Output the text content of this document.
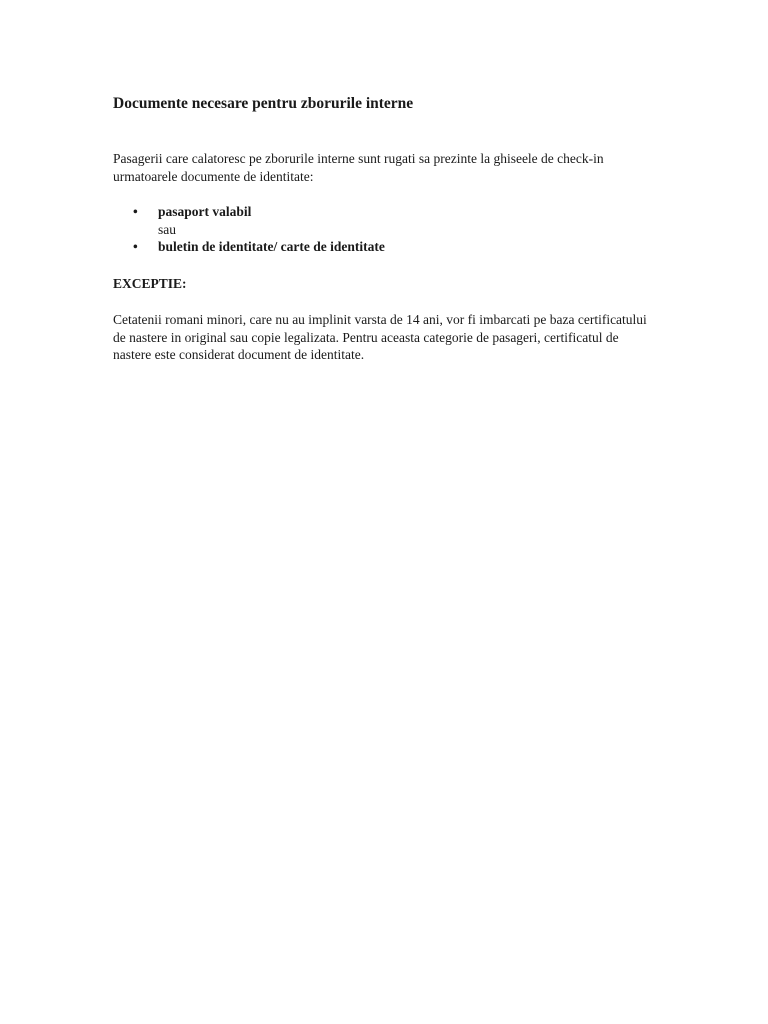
Documente necesare pentru zborurile interne

Pasagerii care calatoresc pe zborurile interne sunt rugati sa prezinte la ghiseele de check-in urmatoarele documente de identitate:

• pasaport valabil
sau
• buletin de identitate/ carte de identitate
EXCEPTIE:

Cetatenii romani minori, care nu au implinit varsta de 14 ani, vor fi imbarcati pe baza certificatului de nastere in original sau copie legalizata. Pentru aceasta categorie de pasageri, certificatul de nastere este considerat document de identitate.
